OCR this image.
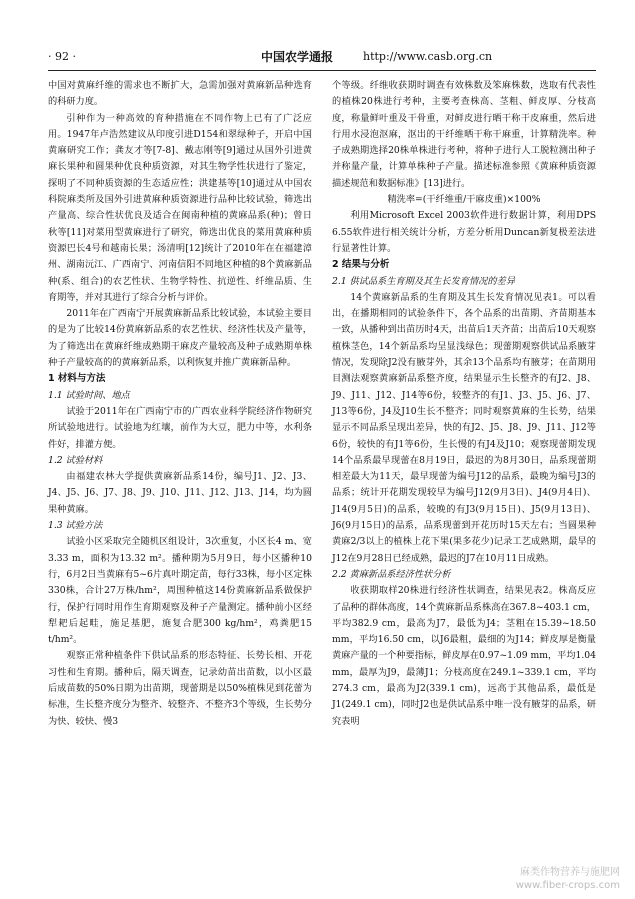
· 92 ·	中国农学通报	http://www.casb.org.cn

中国对黄麻纤维的需求也不断扩大，急需加强对黄麻新品种选育的科研力度。

引种作为一种高效的育种措施在不同作物上已有了广泛应用。1947年卢浩然建议从印度引进D154和翠绿种子，开启中国黄麻研究工作；龚友才等[7-8]、戴志刚等[9]通过从国外引进黄麻长果种和圆果种优良种质资源，对其生物学性状进行了鉴定，探明了不同种质资源的生态适应性；洪建基等[10]通过从中国农科院麻类所及国外引进黄麻种质资源进行品种比较试验，筛选出产量高、综合性状优良及适合在闽南种植的黄麻品系(种)；曾日秋等[11]对菜用型黄麻进行了研究，筛选出优良的菜用黄麻种质资源巴长4号和越南长果；汤清明[12]统计了2010年在在福建漳州、湖南沅江、广西南宁、河南信阳不同地区种植的8个黄麻新品种(系、组合)的农艺性状、生物学特性、抗逆性、纤维品质、生育期等，并对其进行了综合分析与评价。

2011年在广西南宁开展黄麻新品系比较试验，本试验主要目的是为了比较14份黄麻新品系的农艺性状、经济性状及产量等，为了筛选出在黄麻纤维成熟期干麻皮产量较高及种子成熟期单株种子产量较高的的黄麻新品系，以利恢复并推广黄麻新品种。

1 材料与方法

1.1 试验时间、地点

试验于2011年在广西南宁市的广西农业科学院经济作物研究所试验地进行。试验地为红壤，前作为大豆，肥力中等，水利条件好，排灌方便。

1.2 试验材料

由福建农林大学提供黄麻新品系14份，编号J1、J2、J3、J4、J5、J6、J7、J8、J9、J10、J11、J12、J13、J14，均为圆果种黄麻。

1.3 试验方法

试验小区采取完全随机区组设计，3次重复，小区长4 m、宽3.33 m，面积为13.32 m²。播种期为5月9日，每小区播种10行，6月2日当黄麻有5~6片真叶期定苗，每行33株，每小区定株330株，合计27万株/hm²，周围种植这14份黄麻新品系做保护行，保护行同时用作生育期观察及种子产量测定。播种前小区经犁耙后起畦，施足基肥，施复合肥300 kg/hm²，鸡粪肥15 t/hm²。

观察正常种植条件下供试品系的形态特征、长势长相、开花习性和生育期。播种后，隔天调查，记录幼苗出苗数，以小区最后成苗数的50%日期为出苗期，现蕾期是以50%植株见到花蕾为标准，生长整齐度分为整齐、较整齐、不整齐3个等级，生长势分为快、较快、慢3

个等级。纤维收获期时调查有效株数及笨麻株数，选取有代表性的植株20株进行考种，主要考查株高、茎粗、鲜皮厚、分枝高度，称量鲜叶重及干骨重，对鲜皮进行晒干称干皮麻重，然后进行用水浸泡沤麻，沤出的干纤维晒干称干麻重，计算精洗率。种子成熟期选择20株单株进行考种，将种子进行人工脱粒测出种子并称量产量，计算单株种子产量。描述标准参照《黄麻种质资源描述规范和数据标准》[13]进行。

精洗率=(干纤维重/干麻皮重)×100%

利用Microsoft Excel 2003软件进行数据计算，利用DPS 6.55软件进行相关统计分析，方差分析用Duncan新复极差法进行显著性计算。

2 结果与分析

2.1 供试品系生育期及其生长发育情况的差异

14个黄麻新品系的生育期及其生长发育情况见表1。可以看出，在播期相同的试验条件下，各个品系的出苗期、齐苗期基本一致，从播种到出苗历时4天，出苗后1天齐苗；出苗后10天观察植株茎色，14个新品系均呈显浅绿色；现蕾期观察供试品系腋芽情况，发现除J2没有腋芽外，其余13个品系均有腋芽；在苗期用目测法观察黄麻新品系整齐度，结果显示生长整齐的有J2、J8、J9、J11、J12、J14等6份，较整齐的有J1、J3、J5、J6、J7、J13等6份，J4及J10生长不整齐；同时观察黄麻的生长势，结果显示不同品系呈现出差异，快的有J2、J5、J8、J9、J11、J12等6份，较快的有J1等6份，生长慢的有J4及J10；观察现蕾期发现14个品系最早现蕾在8月19日，最迟的为8月30日，品系现蕾期相差最大为11天，最早现蕾为编号J12的品系，最晚为编号J3的品系；统计开花期发现较早为编号J12(9月3日)、J4(9月4日)、J14(9月5日)的品系，较晚的有J3(9月15日)、J5(9月13日)、J6(9月15日)的品系，品系现蕾到开花历时15天左右；当圆果种黄麻2/3以上的植株上花下果(果多花少)记录工艺成熟期，最早的J12在9月28日已经成熟，最迟的J7在10月11日成熟。

2.2 黄麻新品系经济性状分析

收获期取样20株进行经济性状调查，结果见表2。株高反应了品种的群体高度，14个黄麻新品系株高在367.8~403.1 cm，平均382.9 cm，最高为J7，最低为J4；茎粗在15.39~18.50 mm，平均16.50 cm，以J6最粗，最细的为J14；鲜皮厚是衡量黄麻产量的一个种要指标，鲜皮厚在0.97~1.09 mm，平均1.04 mm，最厚为J9，最薄J1；分枝高度在249.1~339.1 cm，平均274.3 cm，最高为J2(339.1 cm)，远高于其他品系，最低是J1(249.1 cm)，同时J2也是供试品系中唯一没有腋芽的品系，研究表明

麻类作物营养与施肥网
www.fiber-crops.com
